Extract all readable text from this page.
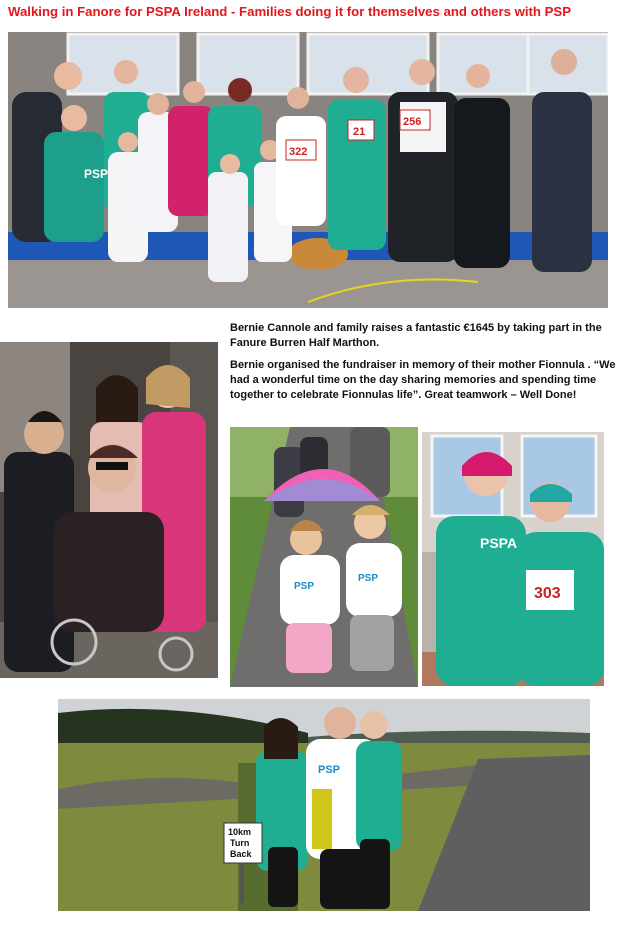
Walking in Fanore for PSPA Ireland - Families doing it for themselves and others with PSP
PSP
322
21
256

Bernie Cannole and family raises a fantastic €1645 by taking part in the Fanure Burren Half Marthon.

Bernie organised the fundraiser in memory of their mother Fionnula . “We had a wonderful time on the day sharing memories and spending time together to celebrate Fionnulas life”. Great teamwork – Well Done!

PSP
PSP
PSPA
303
PSP
10km
Turn
Back
